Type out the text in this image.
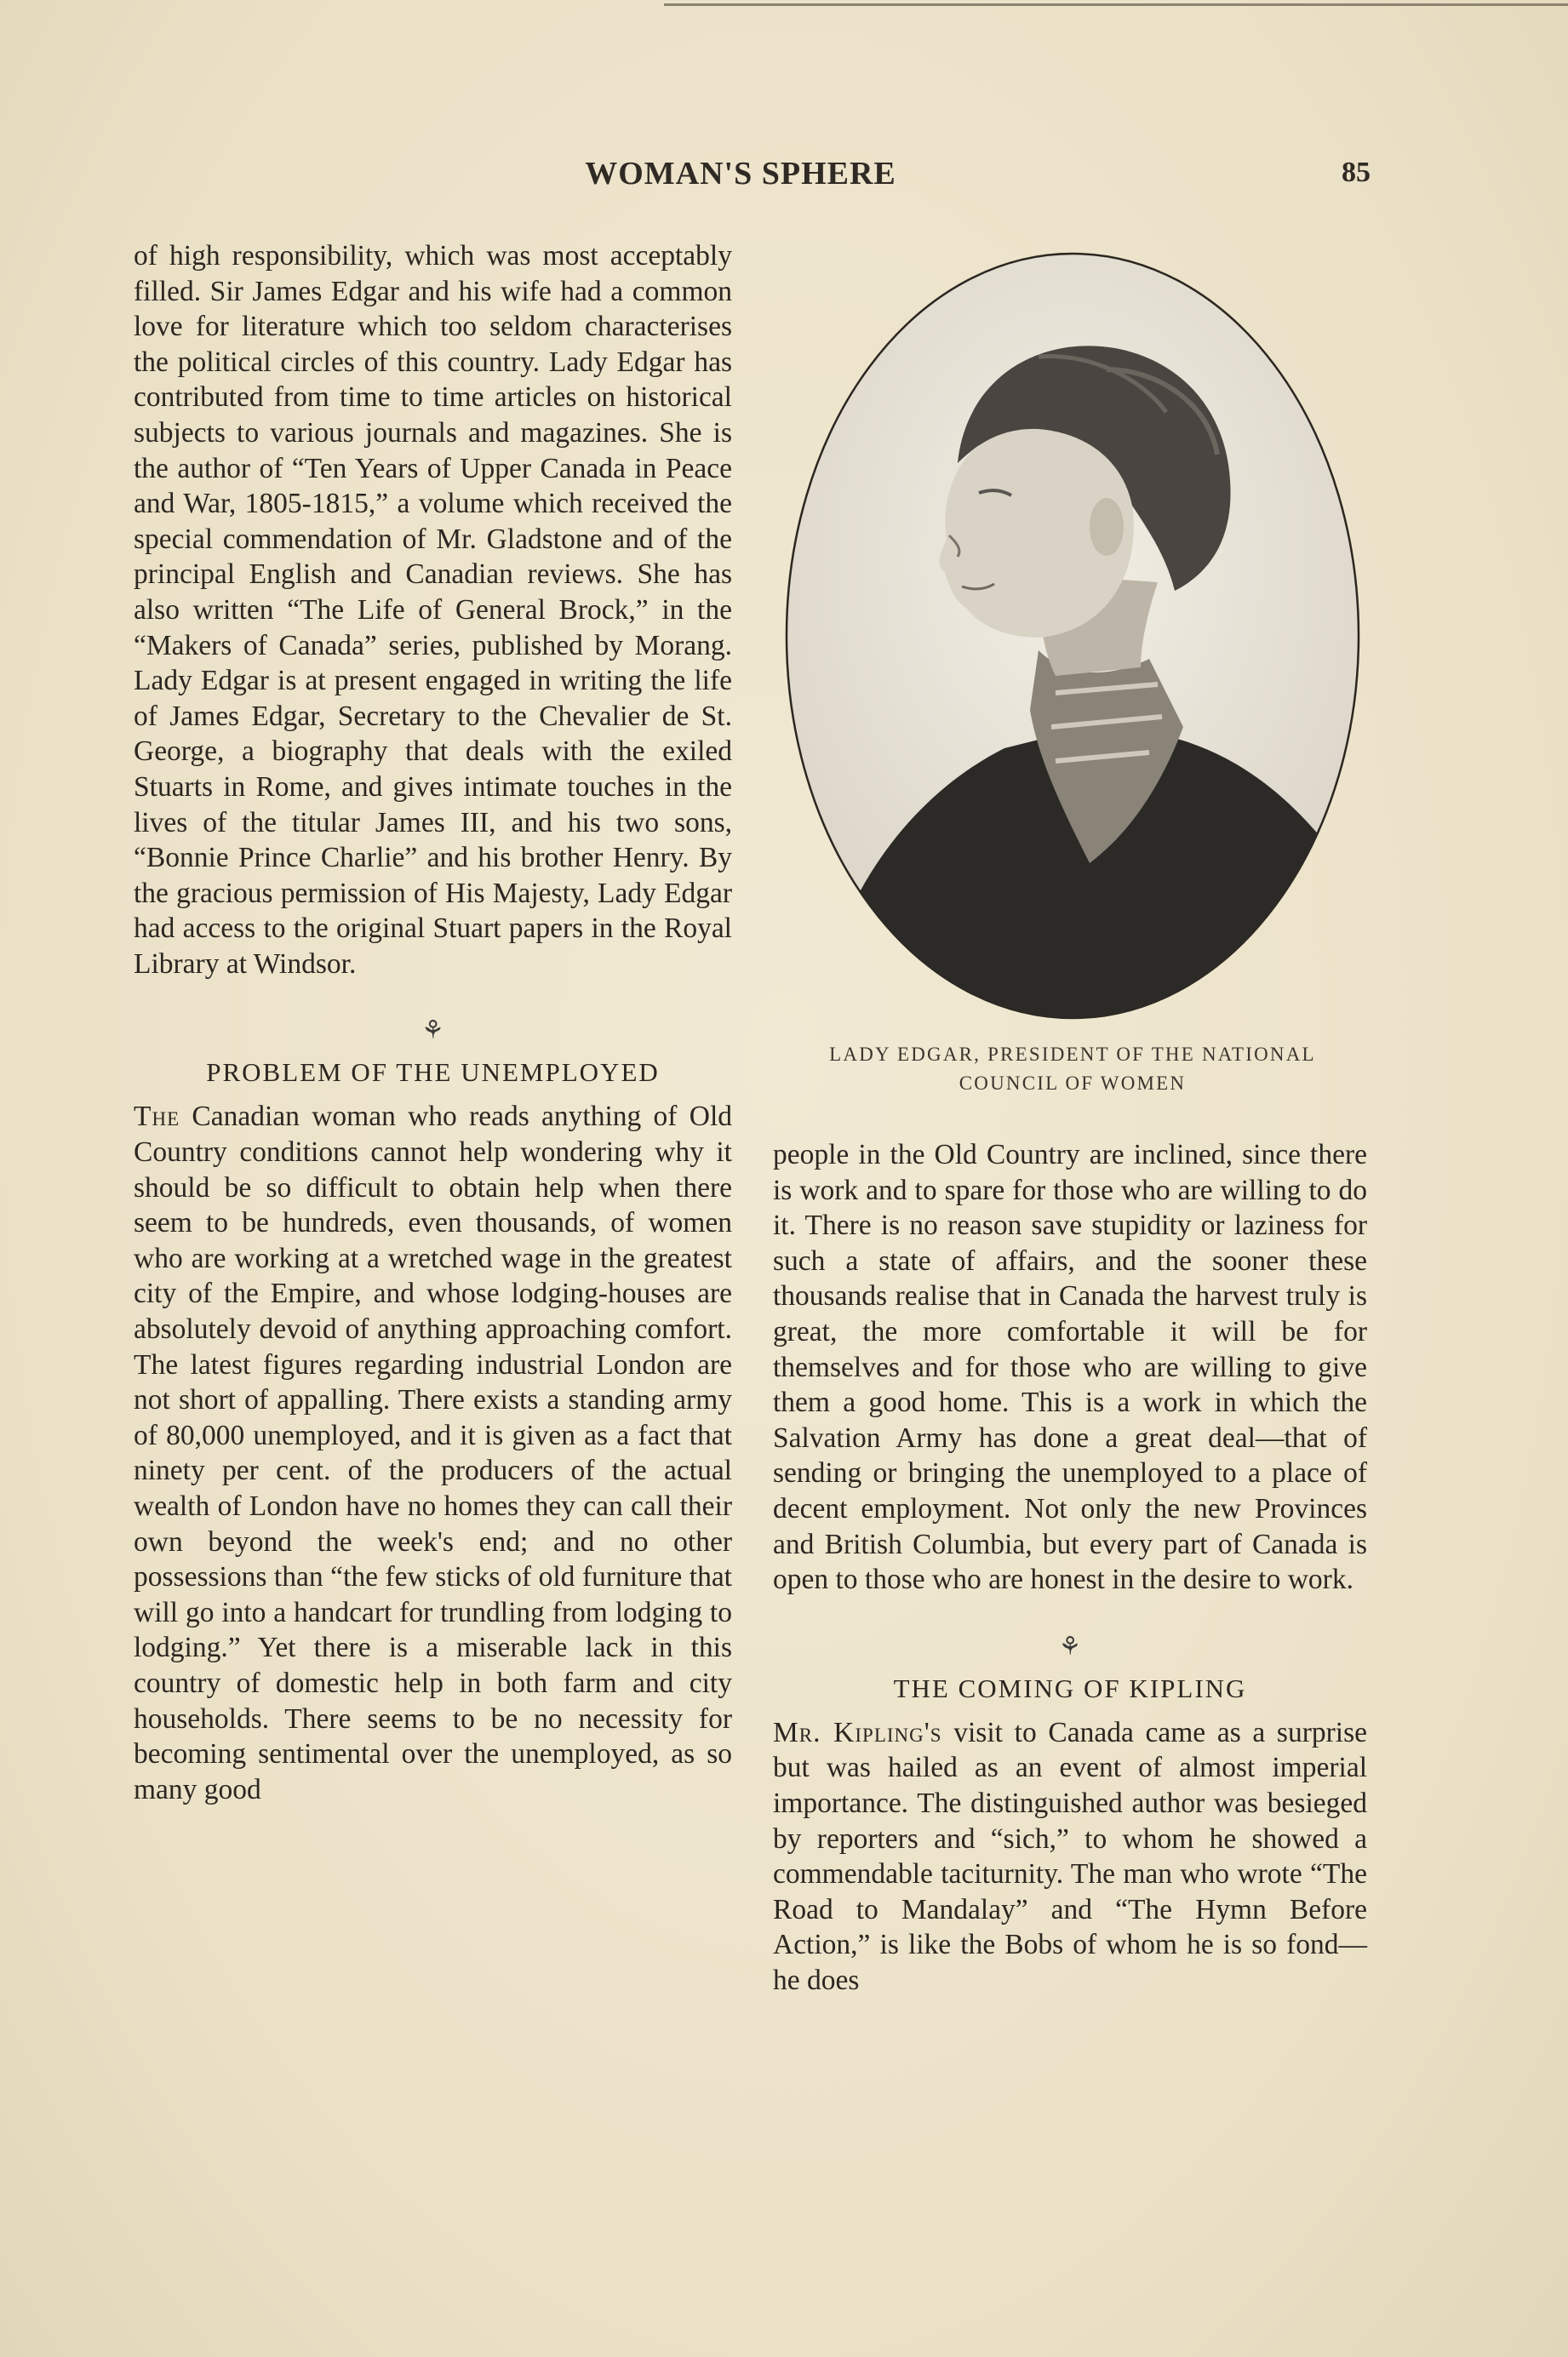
WOMAN'S SPHERE	85

of high responsibility, which was most acceptably filled. Sir James Edgar and his wife had a common love for literature which too seldom characterises the political circles of this country. Lady Edgar has contributed from time to time articles on historical subjects to various journals and magazines. She is the author of “Ten Years of Upper Canada in Peace and War, 1805-1815,” a volume which received the special commendation of Mr. Gladstone and of the principal English and Canadian reviews. She has also written “The Life of General Brock,” in the “Makers of Canada” series, published by Morang. Lady Edgar is at present engaged in writing the life of James Edgar, Secretary to the Chevalier de St. George, a biography that deals with the exiled Stuarts in Rome, and gives intimate touches in the lives of the titular James III, and his two sons, “Bonnie Prince Charlie” and his brother Henry. By the gracious permission of His Majesty, Lady Edgar had access to the original Stuart papers in the Royal Library at Windsor.

⚘
PROBLEM OF THE UNEMPLOYED

The Canadian woman who reads anything of Old Country conditions cannot help wondering why it should be so difficult to obtain help when there seem to be hundreds, even thousands, of women who are working at a wretched wage in the greatest city of the Empire, and whose lodging-houses are absolutely devoid of anything approaching comfort. The latest figures regarding industrial London are not short of appalling. There exists a standing army of 80,000 unemployed, and it is given as a fact that ninety per cent. of the producers of the actual wealth of London have no homes they can call their own beyond the week's end; and no other possessions than “the few sticks of old furniture that will go into a handcart for trundling from lodging to lodging.” Yet there is a miserable lack in this country of domestic help in both farm and city households. There seems to be no necessity for becoming sentimental over the unemployed, as so many good

LADY EDGAR, PRESIDENT OF THE NATIONAL
COUNCIL OF WOMEN

people in the Old Country are inclined, since there is work and to spare for those who are willing to do it. There is no reason save stupidity or laziness for such a state of affairs, and the sooner these thousands realise that in Canada the harvest truly is great, the more comfortable it will be for themselves and for those who are willing to give them a good home. This is a work in which the Salvation Army has done a great deal—that of sending or bringing the unemployed to a place of decent employment. Not only the new Provinces and British Columbia, but every part of Canada is open to those who are honest in the desire to work.

⚘
THE COMING OF KIPLING

Mr. Kipling's visit to Canada came as a surprise but was hailed as an event of almost imperial importance. The distinguished author was besieged by reporters and “sich,” to whom he showed a commendable taciturnity. The man who wrote “The Road to Mandalay” and “The Hymn Before Action,” is like the Bobs of whom he is so fond—he does
